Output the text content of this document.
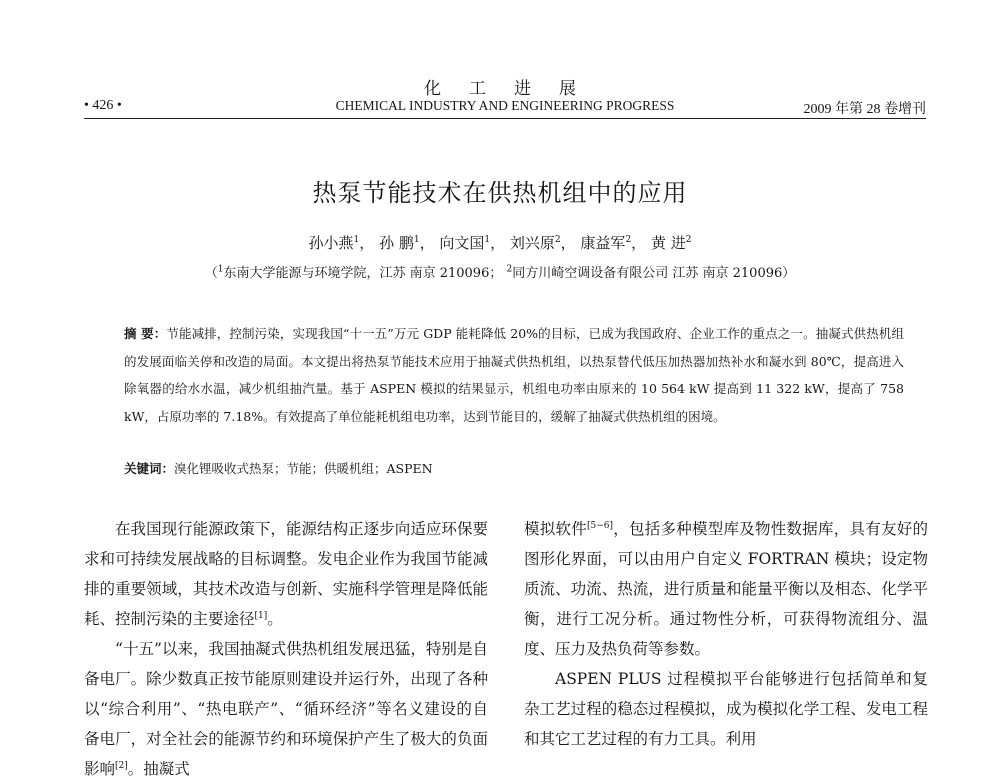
化工进展
• 426 •	CHEMICAL INDUSTRY AND ENGINEERING PROGRESS	2009 年第 28 卷增刊
热泵节能技术在供热机组中的应用
孙小燕$^1$， 孙 鹏$^1$， 向文国$^1$， 刘兴原$^2$， 康益军$^2$， 黄 进$^2$
（$^1$东南大学能源与环境学院，江苏 南京 210096； $^2$同方川崎空调设备有限公司 江苏 南京 210096）
摘 要：节能减排，控制污染，实现我国“十一五”万元 GDP 能耗降低 20%的目标，已成为我国政府、企业工作的重点之一。抽凝式供热机组的发展面临关停和改造的局面。本文提出将热泵节能技术应用于抽凝式供热机组，以热泵替代低压加热器加热补水和凝水到 80℃，提高进入除氧器的给水水温，减少机组抽汽量。基于 ASPEN 模拟的结果显示，机组电功率由原来的 10 564 kW 提高到 11 322 kW，提高了 758 kW，占原功率的 7.18%。有效提高了单位能耗机组电功率，达到节能目的，缓解了抽凝式供热机组的困境。
关键词：溴化锂吸收式热泵；节能；供暖机组；ASPEN

在我国现行能源政策下，能源结构正逐步向适应环保要求和可持续发展战略的目标调整。发电企业作为我国节能减排的重要领域，其技术改造与创新、实施科学管理是降低能耗、控制污染的主要途径[1]。

“十五”以来，我国抽凝式供热机组发展迅猛，特别是自备电厂。除少数真正按节能原则建设并运行外，出现了各种以“综合利用”、“热电联产”、“循环经济”等名义建设的自备电厂，对全社会的能源节约和环境保护产生了极大的负面影响[2]。抽凝式

模拟软件[5−6]，包括多种模型库及物性数据库，具有友好的图形化界面，可以由用户自定义 FORTRAN 模块；设定物质流、功流、热流，进行质量和能量平衡以及相态、化学平衡，进行工况分析。通过物性分析，可获得物流组分、温度、压力及热负荷等参数。

ASPEN PLUS 过程模拟平台能够进行包括简单和复杂工艺过程的稳态过程模拟，成为模拟化学工程、发电工程和其它工艺过程的有力工具。利用
